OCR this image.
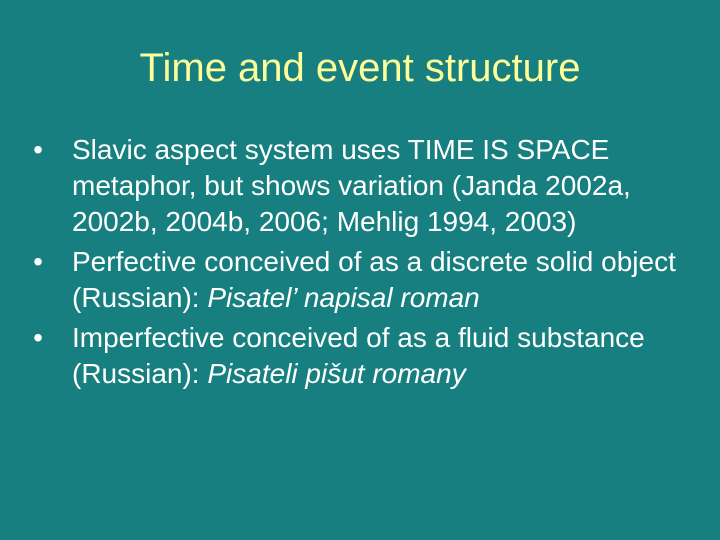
Time and event structure
• Slavic aspect system uses TIME IS SPACE metaphor, but shows variation (Janda 2002a, 2002b, 2004b, 2006; Mehlig 1994, 2003)
• Perfective conceived of as a discrete solid object (Russian): Pisatel’ napisal roman
• Imperfective conceived of as a fluid substance (Russian): Pisateli pišut romany
